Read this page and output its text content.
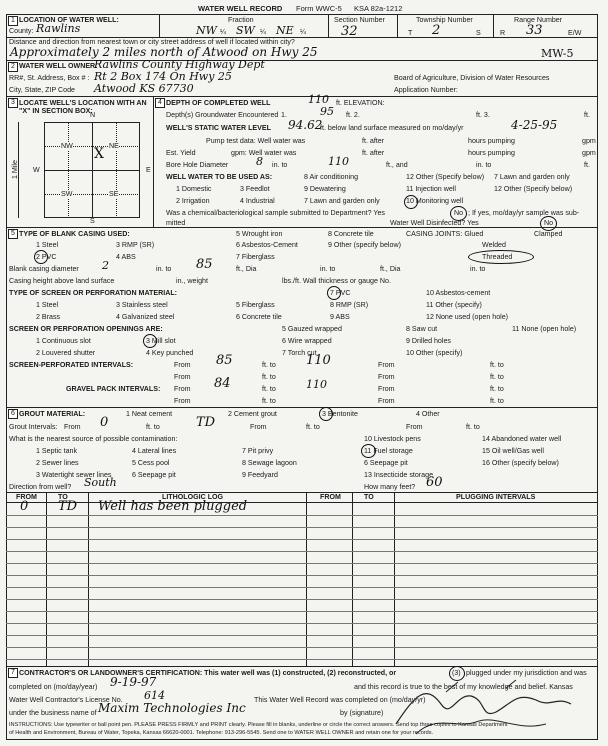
WATER WELL RECORD Form WWC-5 KSA 82a-1212
1 LOCATION OF WATER WELL:
County: Rawlins
Fraction
NW ¼ SW ¼ NE ¼
Section Number
32
Township Number
T 2	S
Range Number
R 33	E/W
Distance and direction from nearest town or city street address of well if located within city?
Approximately 2 miles north of Atwood on Hwy 25	MW-5
2 WATER WELL OWNER:
Rawlins County Highway Dept
RR#, St. Address, Box # : Rt 2 Box 174 On Hwy 25	Board of Agriculture, Division of Water Resources
City, State, ZIP Code Atwood KS 67730	Application Number:
3 LOCATE WELL'S LOCATION WITH AN "X" IN SECTION BOX:
N
S
W	E
NW	NE
SW	SE
X
1 Mile
4 DEPTH OF COMPLETED WELL	110 ft. ELEVATION:
Depth(s) Groundwater Encountered 1.	95 ft. 2.	ft. 3.	ft.
WELL'S STATIC WATER LEVEL 94.62
ft. below land surface measured on mo/day/yr	4-25-95
Pump test data: Well water was	ft. after	hours pumping	gpm
Est. Yield	gpm: Well water was	ft. after	hours pumping	gpm
Bore Hole Diameter	8 in. to	110	ft., and	in. to	ft.
WELL WATER TO BE USED AS:	8 Air conditioning	12 Other (Specify below) 7 Lawn and garden only
1 Domestic	3 Feedlot	9 Dewatering	11 Injection well	12 Other (Specify below)
2 Irrigation	4 Industrial	7 Lawn and garden only	10 Monitoring well
Was a chemical/bacteriological sample submitted to Department? Yes	No ; If yes, mo/day/yr sample was sub-
mitted	Water Well Disinfected? Yes	No
5 TYPE OF BLANK CASING USED:	5 Wrought iron	8 Concrete tile	CASING JOINTS: Glued	Clamped
1 Steel	3 RMP (SR)	6 Asbestos-Cement	9 Other (specify below)	Welded
2 PVC	4 ABS	7 Fiberglass	Threaded
Blank casing diameter 2	in. to 85	ft., Dia	in. to	ft., Dia	in. to
Casing height above land surface	in., weight	lbs./ft. Wall thickness or gauge No.
TYPE OF SCREEN OR PERFORATION MATERIAL:	7 PVC	10 Asbestos-cement
1 Steel	3 Stainless steel	5 Fiberglass	8 RMP (SR)	11 Other (specify)
2 Brass	4 Galvanized steel	6 Concrete tile	9 ABS	12 None used (open hole)
SCREEN OR PERFORATION OPENINGS ARE:	5 Gauzed wrapped	8 Saw cut	11 None (open hole)
1 Continuous slot	3 Mill slot	6 Wire wrapped	9 Drilled holes
2 Louvered shutter	4 Key punched	7 Torch cut	10 Other (specify)
SCREEN-PERFORATED INTERVALS:	From 85	ft. to 110	From	ft. to
From	ft. to	From	ft. to
GRAVEL PACK INTERVALS: From 84	ft. to	110	From	ft. to
From	ft. to	From	ft. to
6 GROUT MATERIAL:	1 Neat cement	2 Cement grout	3 Bentonite	4 Other
Grout Intervals: From 0	ft. to	TD	From	ft. to	From	ft. to
What is the nearest source of possible contamination:	10 Livestock pens	14 Abandoned water well
1 Septic tank	4 Lateral lines	7 Pit privy	11 Fuel storage	15 Oil well/Gas well
2 Sewer lines	5 Cess pool	8 Sewage lagoon	6 Seepage pit	16 Other (specify below)
3 Watertight sewer lines	6 Seepage pit	9 Feedyard	13 Insecticide storage
Direction from well? South	How many feet? 60
FROM	TO	LITHOLOGIC LOG	FROM	TO	PLUGGING INTERVALS
0 TD Well has been plugged
7 CONTRACTOR'S OR LANDOWNER'S CERTIFICATION: This water well was (1) constructed, (2) reconstructed, or	(3) plugged under my jurisdiction and was
completed on (mo/day/year) 9-19-97	and this record is true to the best of my knowledge and belief. Kansas
Water Well Contractor's License No. 614	This Water Well Record was completed on (mo/day/yr)
under the business name of Maxim Technologies Inc	by (signature)
INSTRUCTIONS: Use typewriter or ball point pen. PLEASE PRESS FIRMLY and PRINT clearly. Please fill in blanks, underline or circle the correct answers. Send top three copies to Kansas Department
of Health and Environment, Bureau of Water, Topeka, Kansas 66620-0001. Telephone: 913-296-5545. Send one to WATER WELL OWNER and retain one for your records.
